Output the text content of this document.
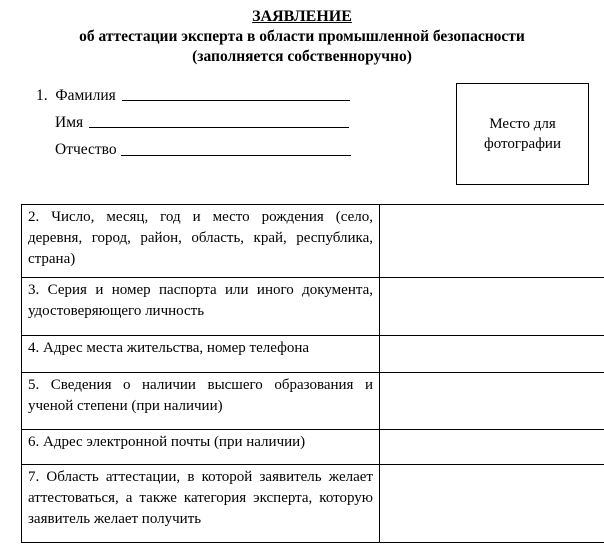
ЗАЯВЛЕНИЕ
об аттестации эксперта в области промышленной безопасности
(заполняется собственноручно)
1. Фамилия
Имя
Отчество
Место для
фотографии
2. Число, месяц, год и место рождения (село, деревня, город, район, область, край, республика, страна)	
3. Серия и номер паспорта или иного документа, удостоверяющего личность	
4. Адрес места жительства, номер телефона	
5. Сведения о наличии высшего образования и ученой степени (при наличии)	
6. Адрес электронной почты (при наличии)	
7. Область аттестации, в которой заявитель желает аттестоваться, а также категория эксперта, которую заявитель желает получить	
